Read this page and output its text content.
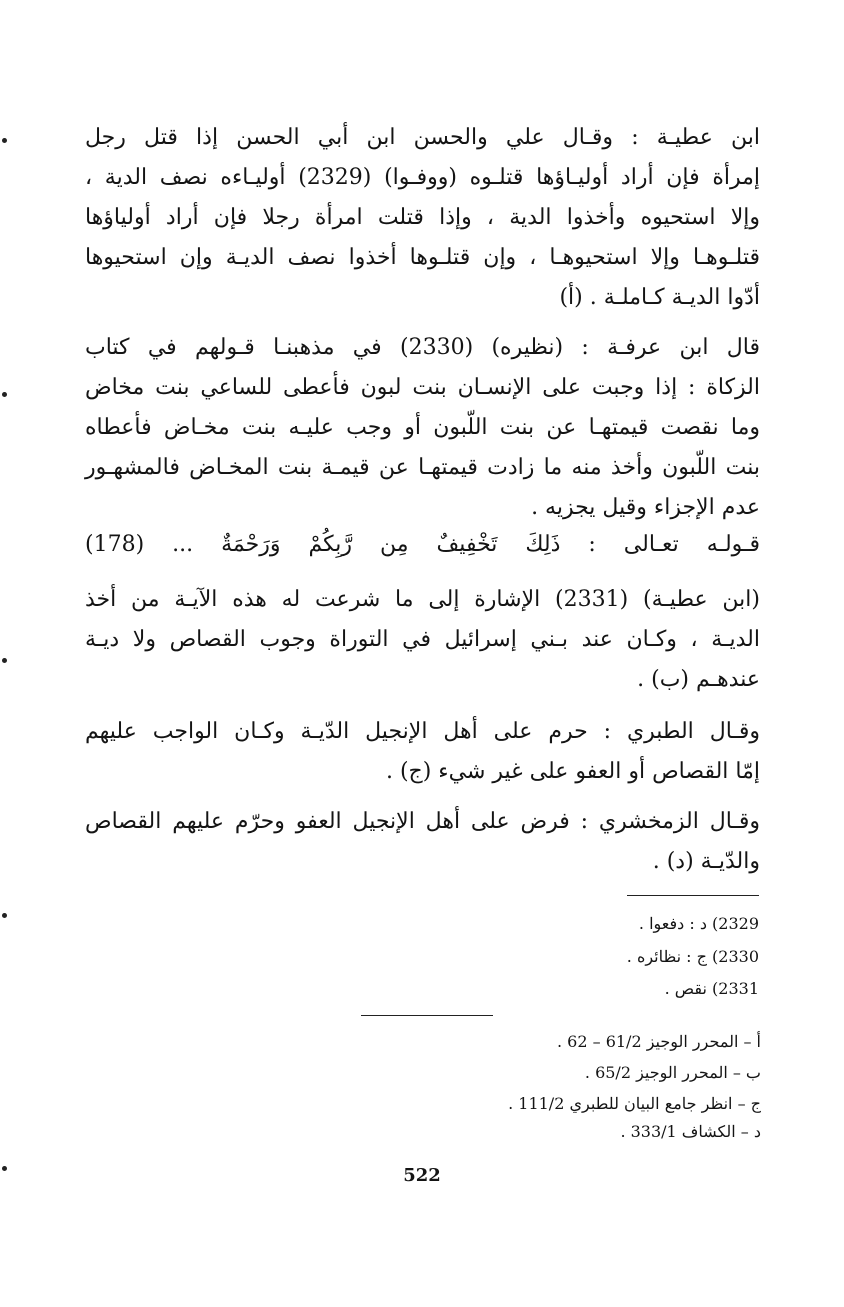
ابن عطيـة : وقـال علي والحسن ابن أبي الحسن إذا قتل رجل
إمرأة فإن أراد أوليـاؤها قتلـوه (ووفـوا) (2329) أوليـاءه نصف الدية ،
وإلا استحيوه وأخذوا الدية ، وإذا قتلت امرأة رجلا فإن أراد أولياؤها
قتلـوهـا وإلا استحيوهـا ، وإن قتلـوها أخذوا نصف الديـة وإن استحيوها
أدّوا الديـة كـاملـة . (أ)
قال ابن عرفـة : (نظيره) (2330) في مذهبنـا قـولهم في كتاب
الزكاة : إذا وجبت على الإنسـان بنت لبون فأعطى للساعي بنت مخاض
وما نقصت قيمتهـا عن بنت اللّبون أو وجب عليـه بنت مخـاض فأعطاه
بنت اللّبون وأخذ منه ما زادت قيمتهـا عن قيمـة بنت المخـاض فالمشهـور
عدم الإجزاء وقيل يجزيه .
قـولـه تعـالى : ذَلِكَ تَخْفِيفٌ مِن رَّبِكُمْ وَرَحْمَةٌ ... (178)
(ابن عطيـة) (2331) الإشارة إلى ما شرعت له هذه الآيـة من أخذ
الديـة ، وكـان عند بـني إسرائيل في التوراة وجوب القصاص ولا ديـة
عندهـم (ب) .
وقـال الطبري : حرم على أهل الإنجيل الدّيـة وكـان الواجب عليهم
إمّا القصاص أو العفو على غير شيء (ج) .
وقـال الزمخشري : فرض على أهل الإنجيل العفو وحرّم عليهم القصاص
والدّيـة (د) .
2329) د : دفعوا .
2330) ج : نظائره .
2331) نقص .
أ – المحرر الوجيز 61/2 – 62 .
ب – المحرر الوجيز 65/2 .
ج – انظر جامع البيان للطبري 111/2 .
د – الكشاف 333/1 .
522
